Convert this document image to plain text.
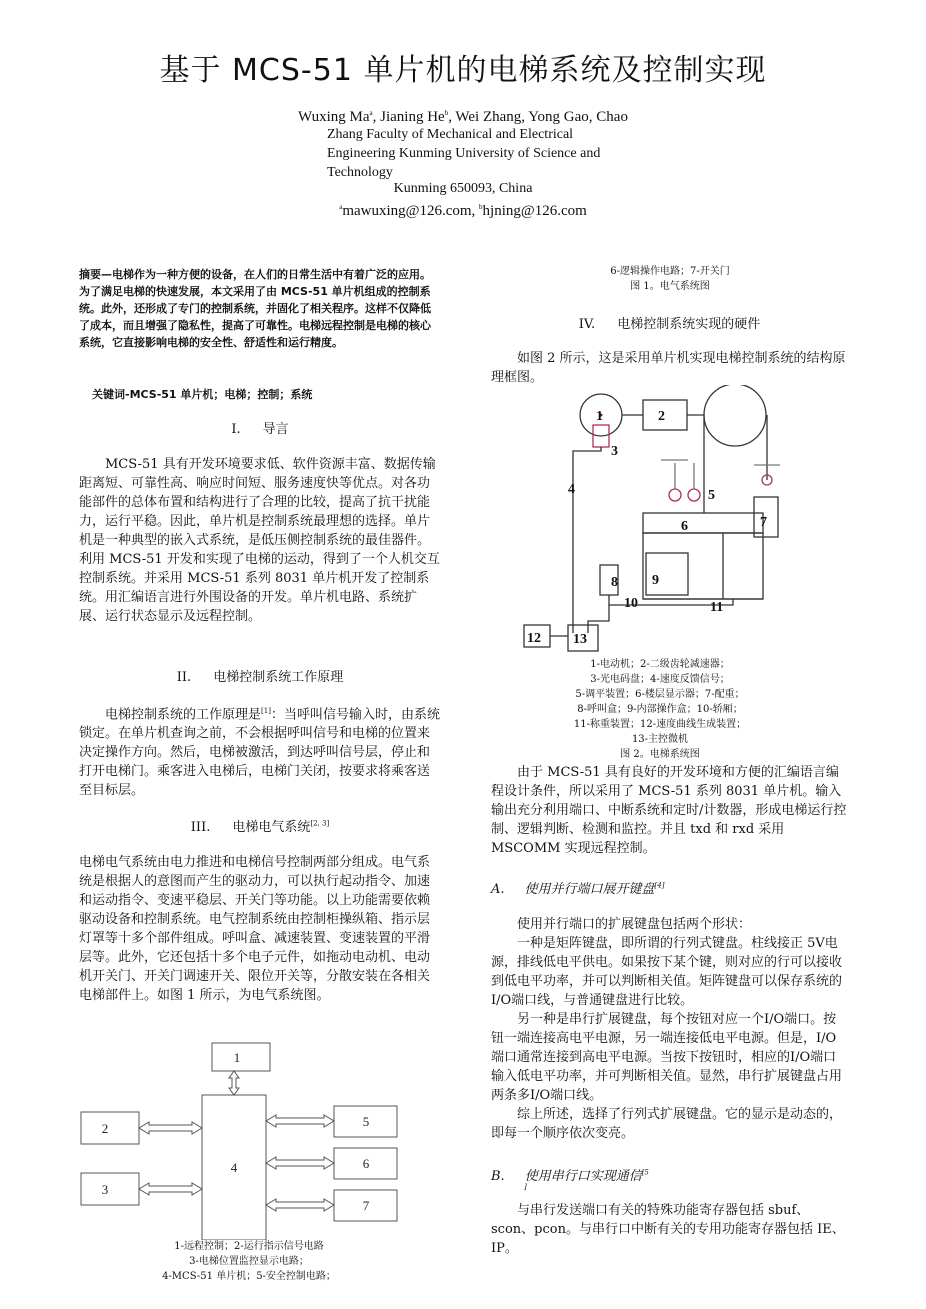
基于 MCS-51 单片机的电梯系统及控制实现
Wuxing Ma$^a$, Jianing He$^b$, Wei Zhang, Yong Gao, Chao
Zhang Faculty of Mechanical and Electrical
Engineering Kunming University of Science and
Technology
Kunming 650093, China
$^a$mawuxing@126.com, $^b$hjning@126.com
摘要—电梯作为一种方便的设备，在人们的日常生活中有着广泛的应用。为了满足电梯的快速发展，本文采用了由 MCS-51 单片机组成的控制系统。此外，还形成了专门的控制系统，并固化了相关程序。这样不仅降低了成本，而且增强了隐私性，提高了可靠性。电梯远程控制是电梯的核心系统，它直接影响电梯的安全性、舒适性和运行精度。
关键词-MCS-51 单片机；电梯；控制；系统
I. 导言
MCS-51 具有开发环境要求低、软件资源丰富、数据传输距离短、可靠性高、响应时间短、服务速度快等优点。对各功能部件的总体布置和结构进行了合理的比较，提高了抗干扰能力，运行平稳。因此，单片机是控制系统最理想的选择。单片机是一种典型的嵌入式系统，是低压侧控制系统的最佳器件。利用 MCS-51 开发和实现了电梯的运动，得到了一个人机交互控制系统。并采用 MCS-51 系列 8031 单片机开发了控制系统。用汇编语言进行外围设备的开发。单片机电路、系统扩展、运行状态显示及远程控制。
II. 电梯控制系统工作原理
电梯控制系统的工作原理是[1]：当呼叫信号输入时，由系统锁定。在单片机查询之前，不会根据呼叫信号和电梯的位置来决定操作方向。然后，电梯被激活，到达呼叫信号层，停止和打开电梯门。乘客进入电梯后，电梯门关闭，按要求将乘客送至目标层。
III. 电梯电气系统[2, 3]
电梯电气系统由电力推进和电梯信号控制两部分组成。电气系统是根据人的意图而产生的驱动力，可以执行起动指令、加速和运动指令、变速平稳层、开关门等功能。以上功能需要依赖驱动设备和控制系统。电气控制系统由控制柜操纵箱、指示层灯罩等十多个部件组成。呼叫盒、减速装置、变速装置的平滑层等。此外，它还包括十多个电子元件，如拖动电动机、电动机开关门、开关门调速开关、限位开关等，分散安装在各相关电梯部件上。如图 1 所示，为电气系统图。
1
2
3
4
5
6
7
1-远程控制；2-运行指示信号电路
3-电梯位置监控显示电路；
4-MCS-51 单片机；5-安全控制电路；
6-逻辑操作电路；7-开关门
图 1。电气系统图
IV. 电梯控制系统实现的硬件
如图 2 所示，这是采用单片机实现电梯控制系统的结构原理框图。
1	2
3
4	5
6	7
8 9
10	11
12 13
1-电动机；2-二级齿轮减速器；
3-光电码盘；4-速度反馈信号；
5-调平装置；6-楼层显示器；7-配重；
8-呼叫盒；9-内部操作盒；10-轿厢；
11-称重装置；12-速度曲线生成装置；
13-主控微机
图 2。电梯系统图
由于 MCS-51 具有良好的开发环境和方便的汇编语言编程设计条件，所以采用了 MCS-51 系列 8031 单片机。输入输出充分利用端口、中断系统和定时/计数器，形成电梯运行控制、逻辑判断、检测和监控。并且 txd 和 rxd 采用 MSCOMM 实现远程控制。
A. 使用并行端口展开键盘[4]

使用并行端口的扩展键盘包括两个形状：

一种是矩阵键盘，即所谓的行列式键盘。柱线接正 5V电源，排线低电平供电。如果按下某个键，则对应的行可以接收到低电平功率，并可以判断相关值。矩阵键盘可以保存系统的I/O端口线，与普通键盘进行比较。

另一种是串行扩展键盘，每个按钮对应一个I/O端口。按钮一端连接高电平电源，另一端连接低电平电源。但是，I/O端口通常连接到高电平电源。当按下按钮时，相应的I/O端口输入低电平功率，并可判断相关值。显然，串行扩展键盘占用两条多I/O端口线。

综上所述，选择了行列式扩展键盘。它的显示是动态的，即每一个顺序依次变亮。

B. 使用串行口实现通信$^{[5}$
]
与串行发送端口有关的特殊功能寄存器包括 sbuf、scon、pcon。与串行口中断有关的专用功能寄存器包括 IE、IP。
